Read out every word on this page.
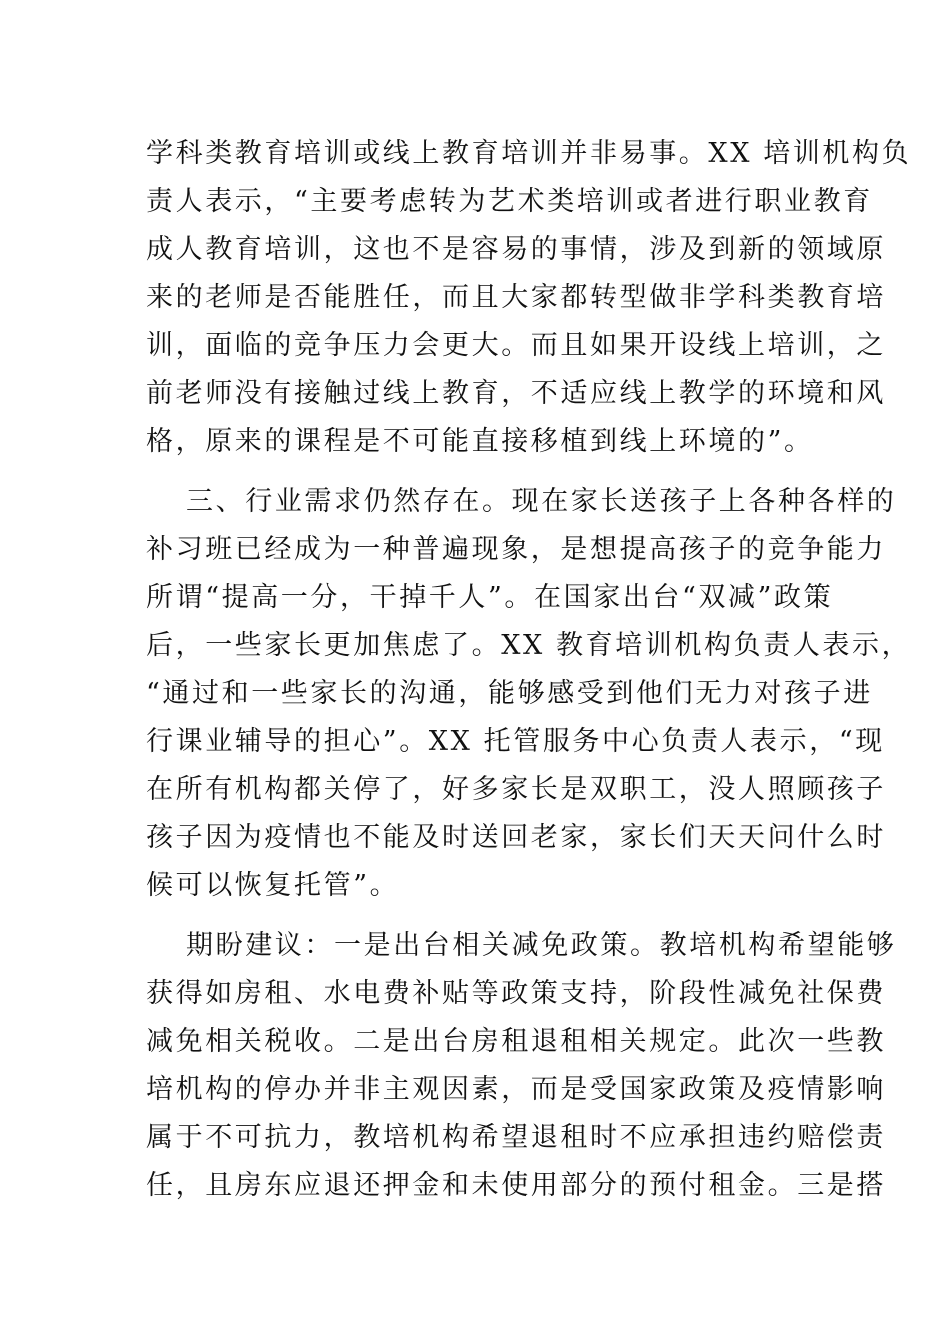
学科类教育培训或线上教育培训并非易事。XX 培训机构负
责人表示，“主要考虑转为艺术类培训或者进行职业教育
成人教育培训，这也不是容易的事情，涉及到新的领域原
来的老师是否能胜任，而且大家都转型做非学科类教育培
训，面临的竞争压力会更大。而且如果开设线上培训，之
前老师没有接触过线上教育，不适应线上教学的环境和风
格，原来的课程是不可能直接移植到线上环境的”。
三、行业需求仍然存在。现在家长送孩子上各种各样的
补习班已经成为一种普遍现象，是想提高孩子的竞争能力
所谓“提高一分，干掉千人”。在国家出台“双减”政策
后，一些家长更加焦虑了。XX 教育培训机构负责人表示，
“通过和一些家长的沟通，能够感受到他们无力对孩子进
行课业辅导的担心”。XX 托管服务中心负责人表示，“现
在所有机构都关停了，好多家长是双职工，没人照顾孩子
孩子因为疫情也不能及时送回老家，家长们天天问什么时
候可以恢复托管”。
期盼建议：一是出台相关减免政策。教培机构希望能够
获得如房租、水电费补贴等政策支持，阶段性减免社保费
减免相关税收。二是出台房租退租相关规定。此次一些教
培机构的停办并非主观因素，而是受国家政策及疫情影响
属于不可抗力，教培机构希望退租时不应承担违约赔偿责
任，且房东应退还押金和未使用部分的预付租金。三是搭
